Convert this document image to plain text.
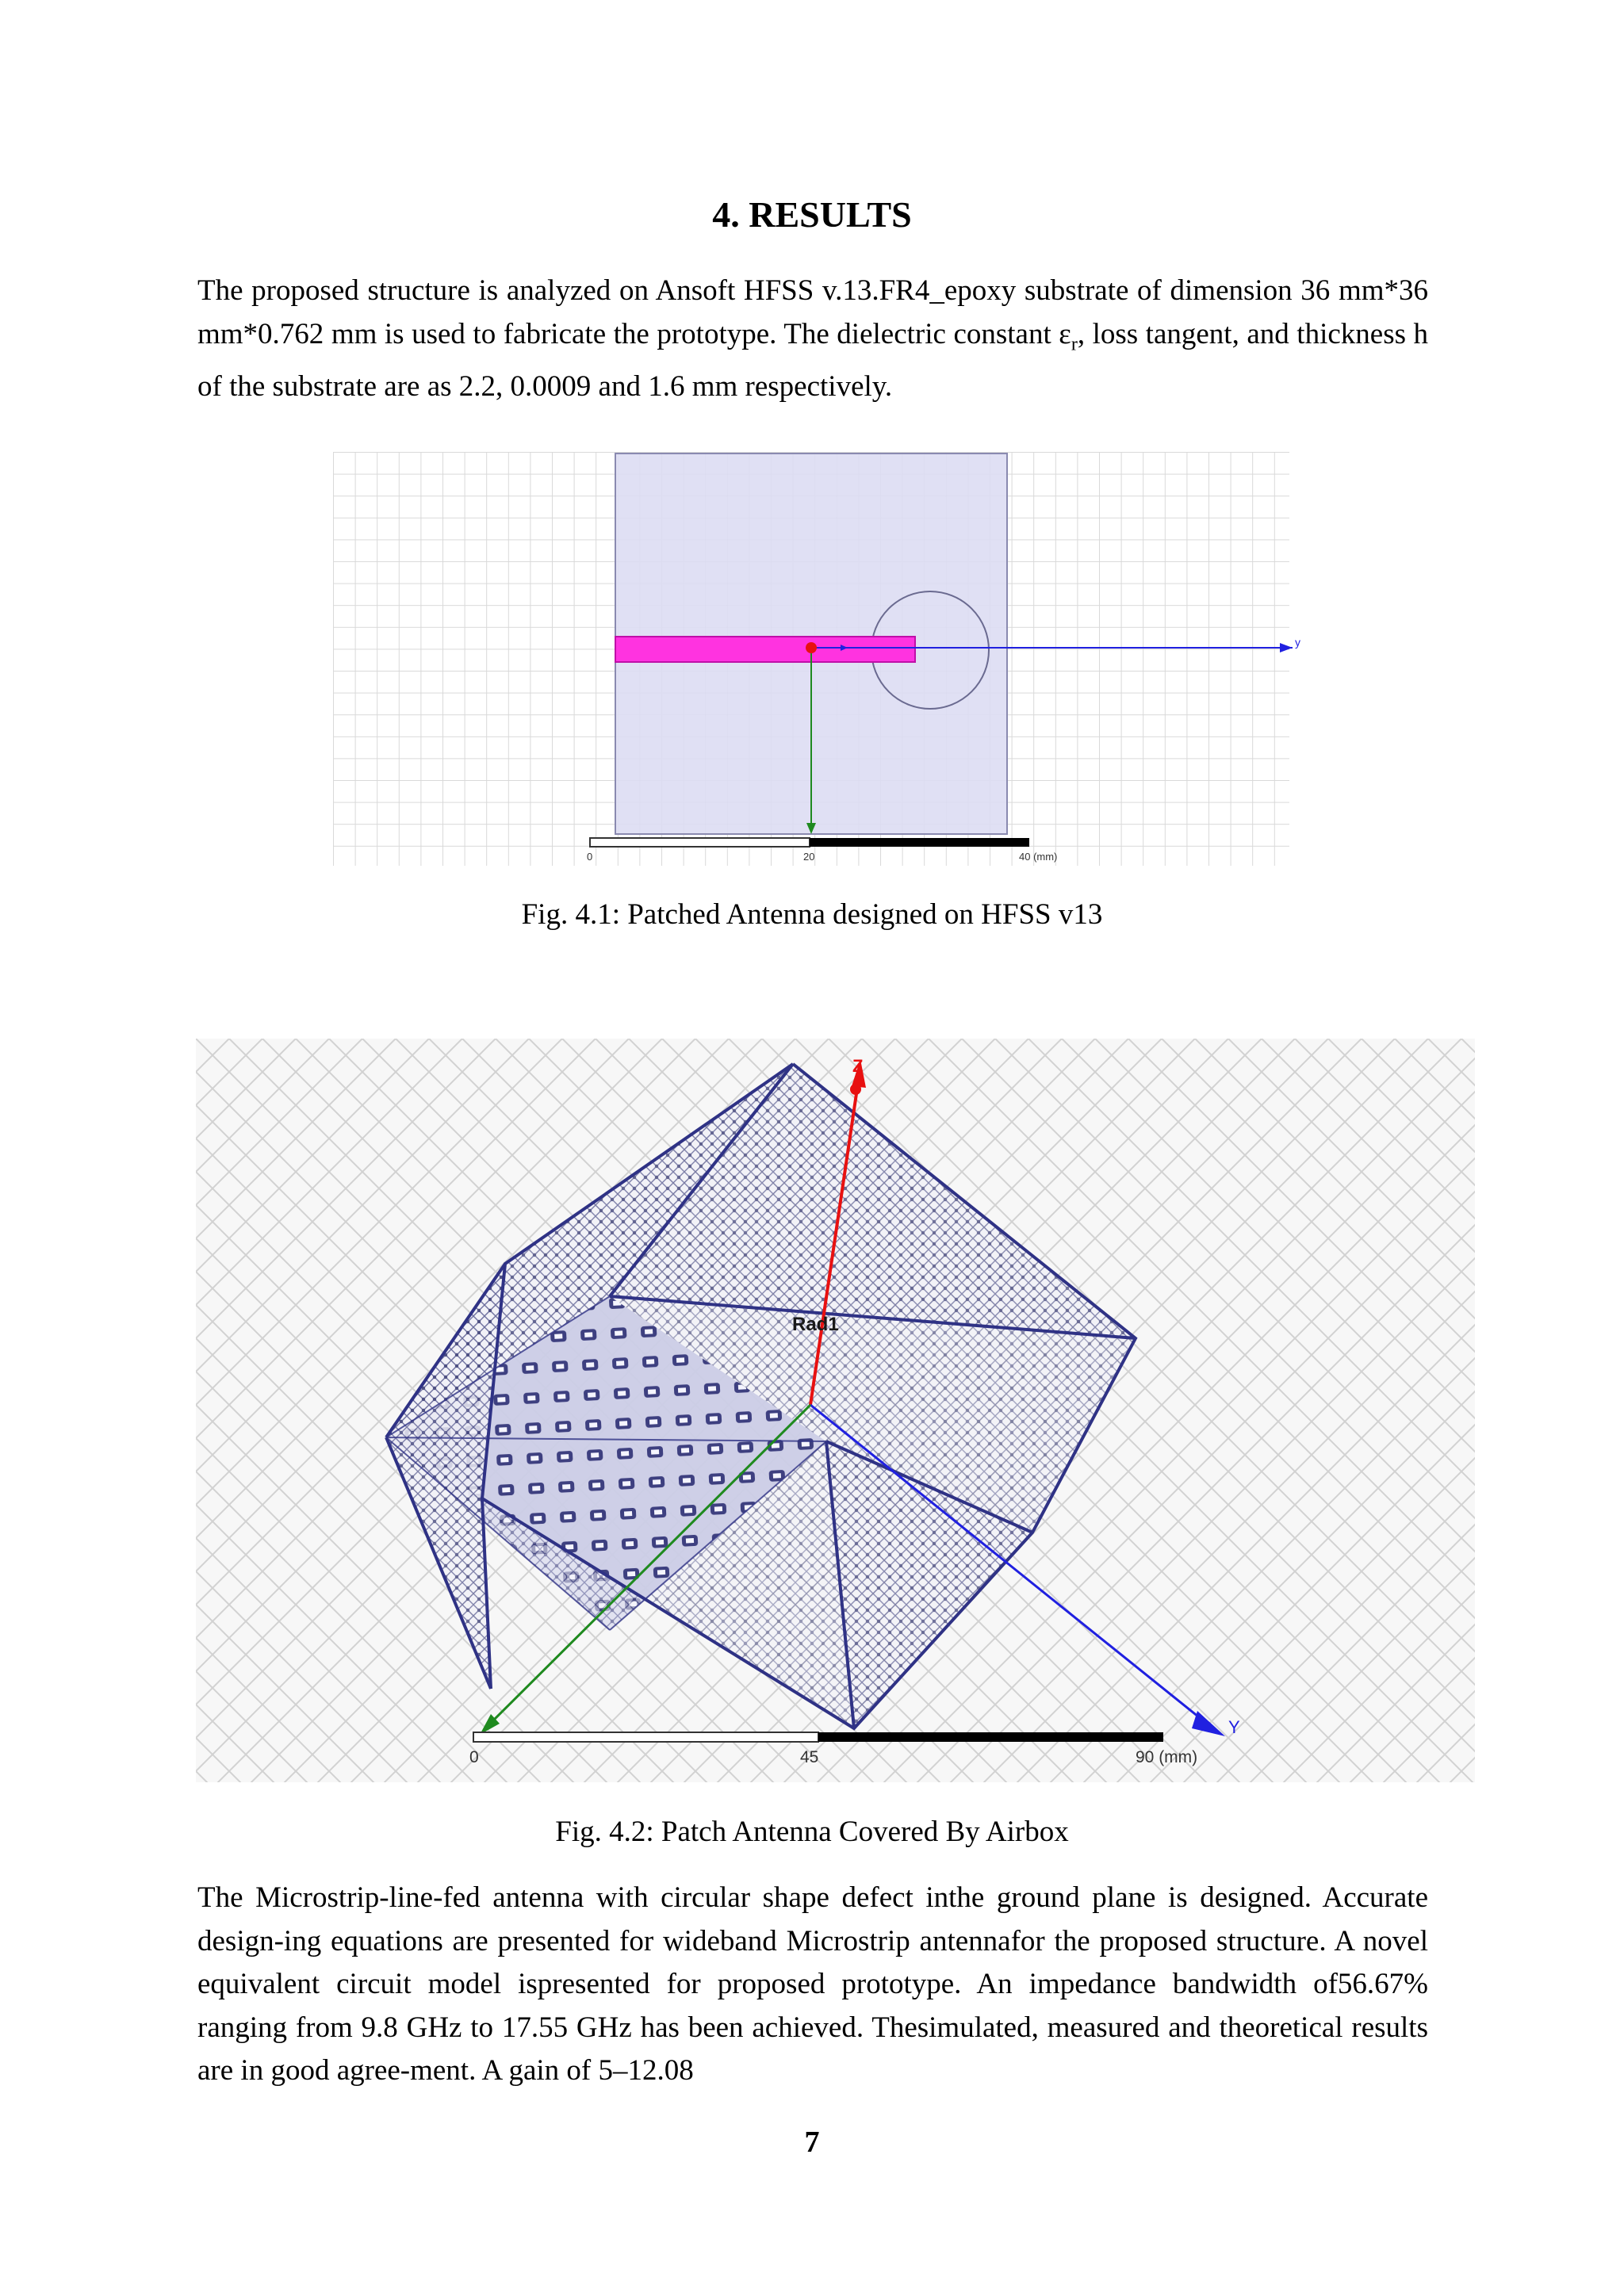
4. RESULTS

The proposed structure is analyzed on Ansoft HFSS v.13.FR4_epoxy substrate of dimension 36 mm*36 mm*0.762 mm is used to fabricate the prototype. The dielectric constant $\varepsilon_r$, loss tangent, and thickness h of the substrate are as 2.2, 0.0009 and 1.6 mm respectively.

y
0	20	40 (mm)

Fig. 4.1: Patched Antenna designed on HFSS v13

Z
Y
Rad1
0	45	90 (mm)

Fig. 4.2: Patch Antenna Covered By Airbox

The Microstrip-line-fed antenna with circular shape defect inthe ground plane is designed. Accurate design-ing equations are presented for wideband Microstrip antennafor the proposed structure. A novel equivalent circuit model ispresented for proposed prototype. An impedance bandwidth of56.67% ranging from 9.8 GHz to 17.55 GHz has been achieved. Thesimulated, measured and theoretical results are in good agree-ment. A gain of 5–12.08

7
